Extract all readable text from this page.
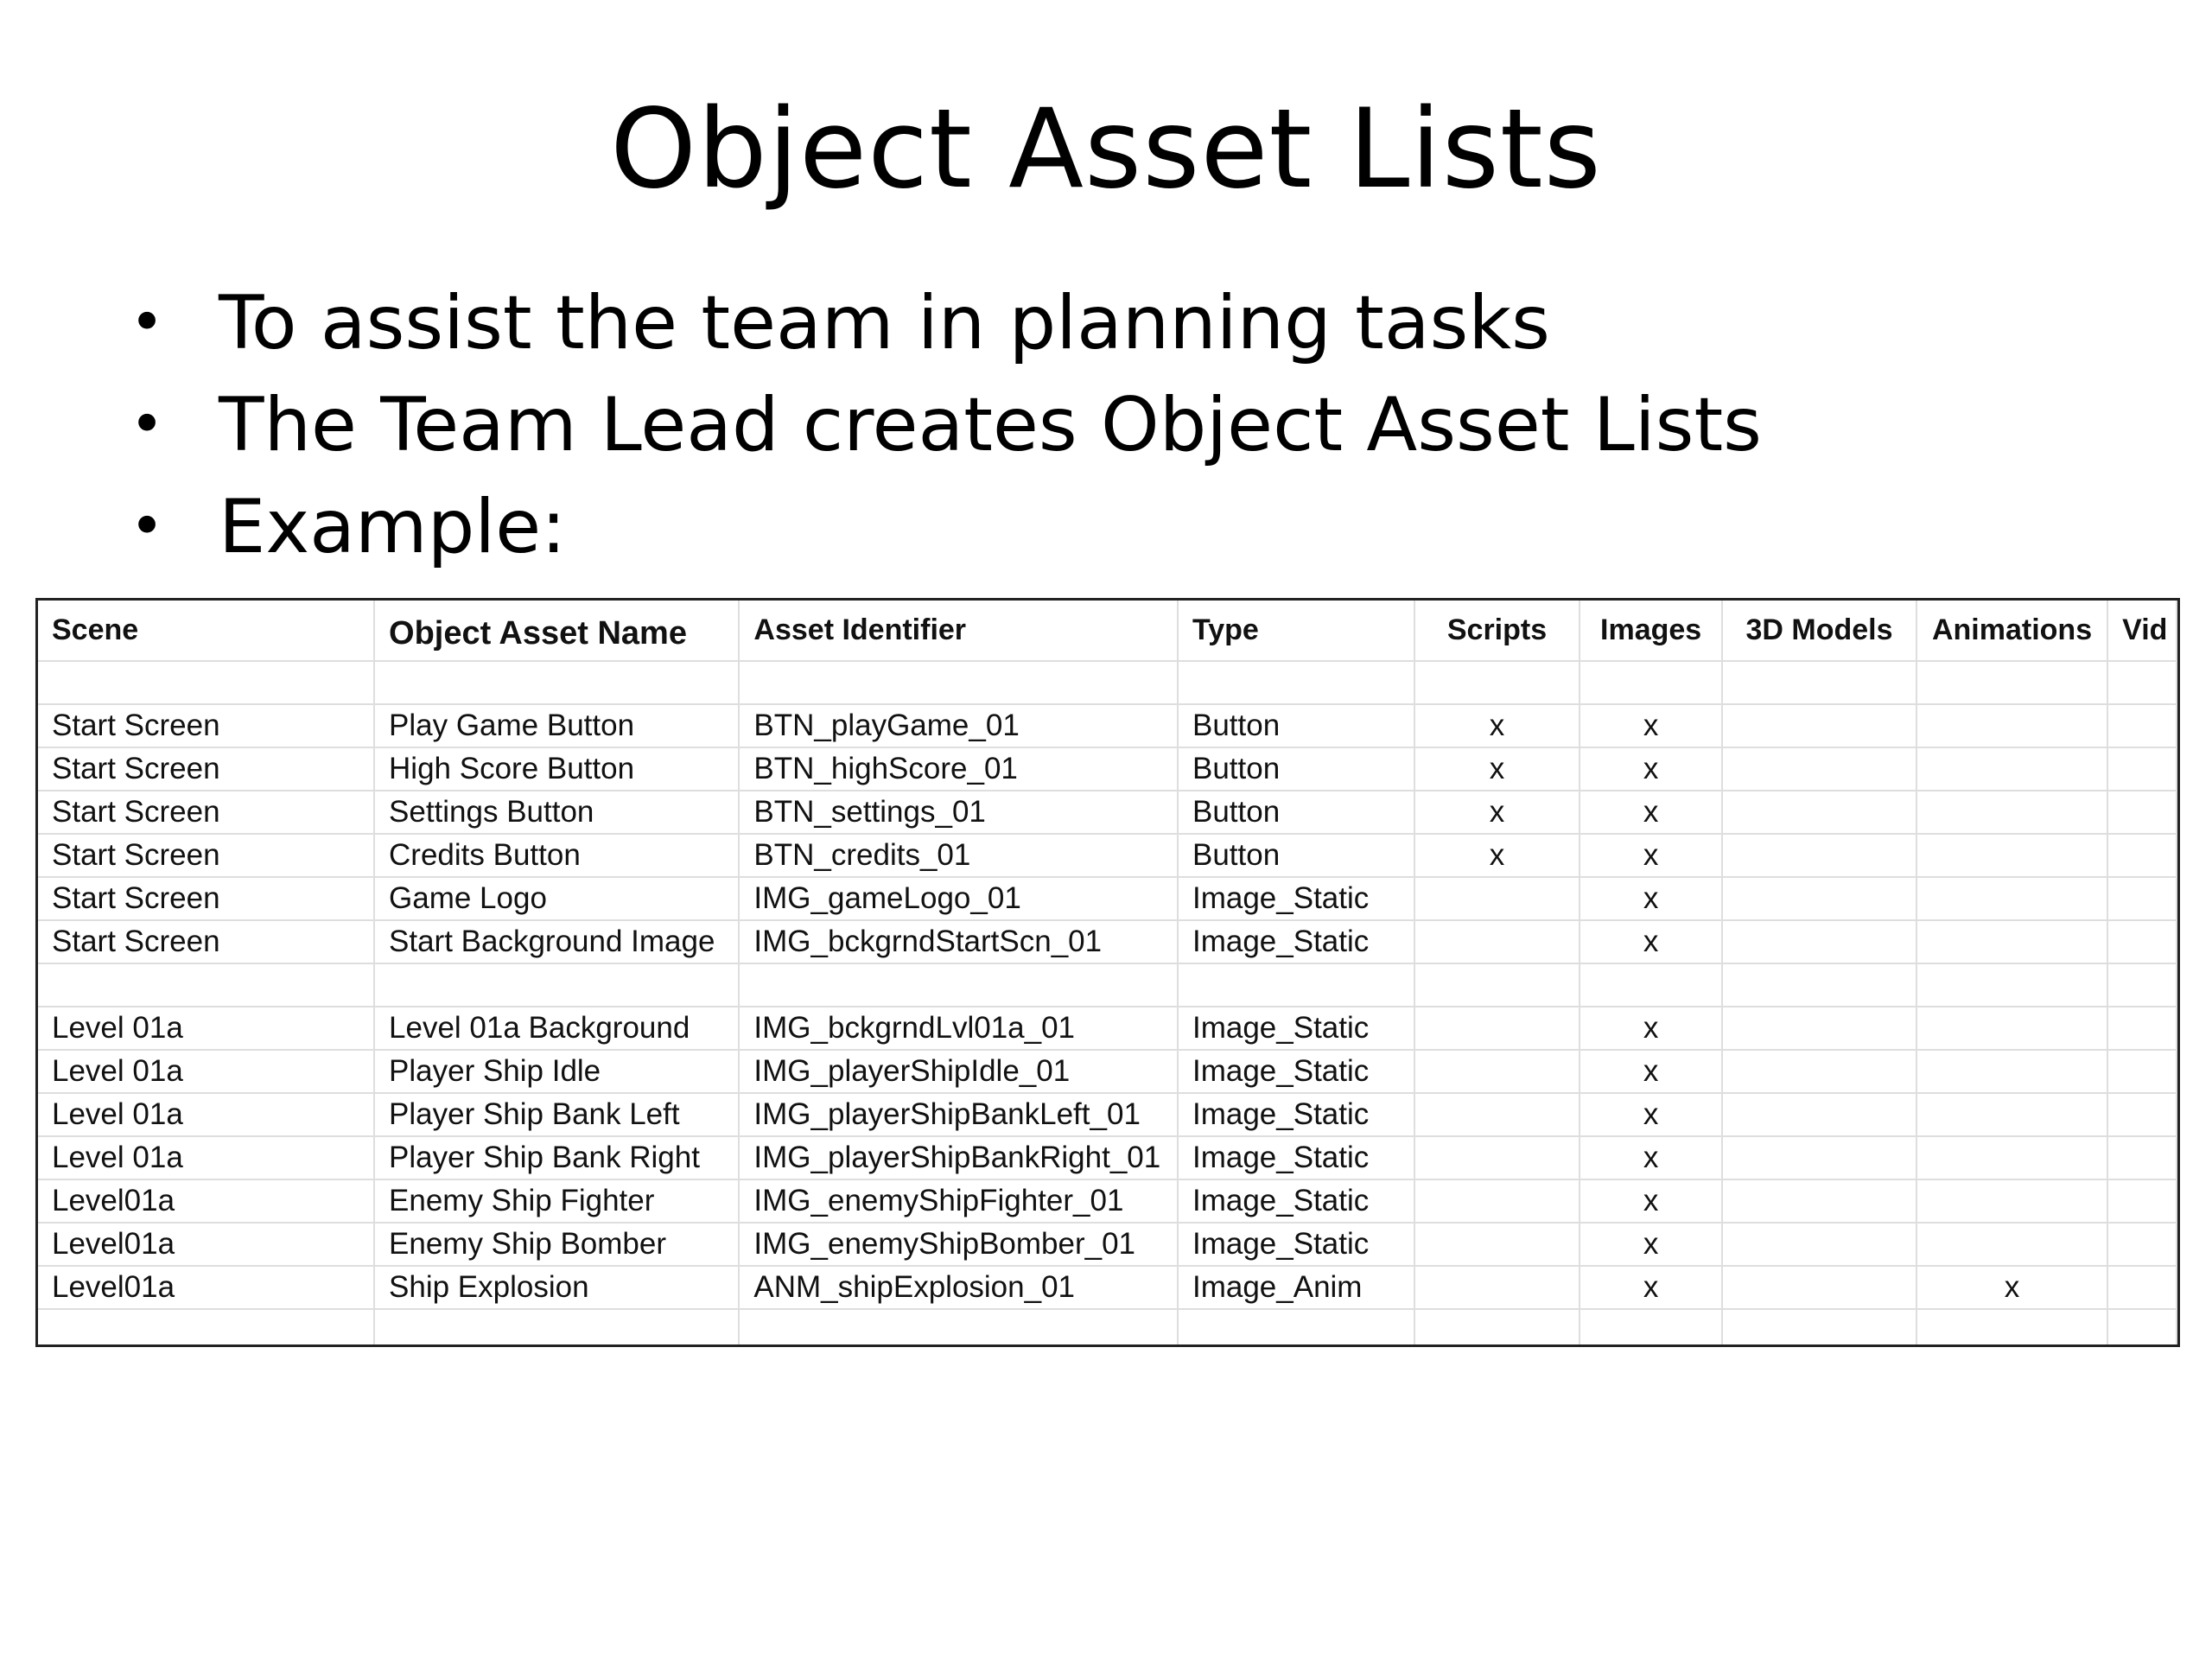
Object Asset Lists
• To assist the team in planning tasks
• The Team Lead creates Object Asset Lists
• Example:
Scene	Object Asset Name	Asset Identifier	Type	Scripts	Images	3D Models	Animations	Vid

Start Screen	Play Game Button	BTN_playGame_01	Button	x	x			
Start Screen	High Score Button	BTN_highScore_01	Button	x	x			
Start Screen	Settings Button	BTN_settings_01	Button	x	x			
Start Screen	Credits Button	BTN_credits_01	Button	x	x			
Start Screen	Game Logo	IMG_gameLogo_01	Image_Static		x			
Start Screen	Start Background Image	IMG_bckgrndStartScn_01	Image_Static		x			

Level 01a	Level 01a Background	IMG_bckgrndLvl01a_01	Image_Static		x			
Level 01a	Player Ship Idle	IMG_playerShipIdle_01	Image_Static		x			
Level 01a	Player Ship Bank Left	IMG_playerShipBankLeft_01	Image_Static		x			
Level 01a	Player Ship Bank Right	IMG_playerShipBankRight_01	Image_Static		x			
Level01a	Enemy Ship Fighter	IMG_enemyShipFighter_01	Image_Static		x			
Level01a	Enemy Ship Bomber	IMG_enemyShipBomber_01	Image_Static		x			
Level01a	Ship Explosion	ANM_shipExplosion_01	Image_Anim		x		x	
